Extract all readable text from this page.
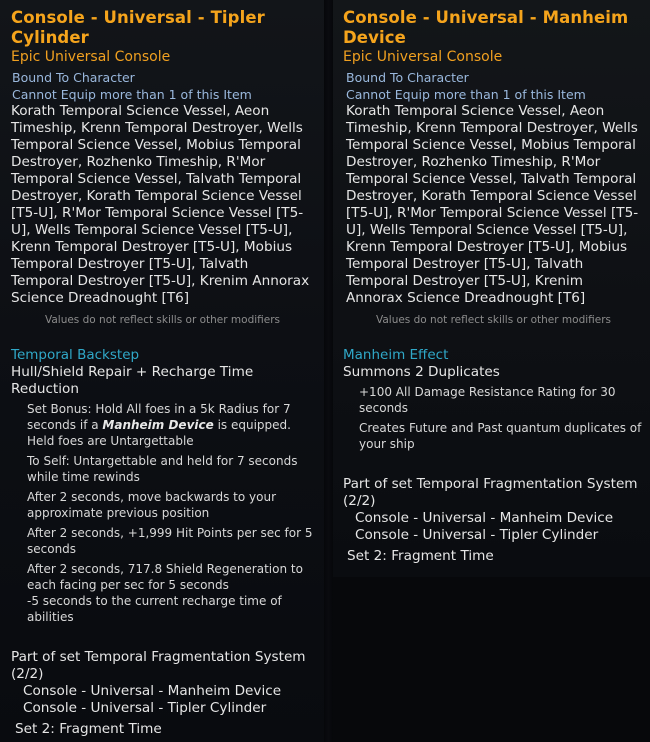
Console - Universal - Tipler Cylinder
Epic Universal Console
Bound To Character
Cannot Equip more than 1 of this Item
Korath Temporal Science Vessel, Aeon Timeship, Krenn Temporal Destroyer, Wells Temporal Science Vessel, Mobius Temporal Destroyer, Rozhenko Timeship, R'Mor Temporal Science Vessel, Talvath Temporal Destroyer, Korath Temporal Science Vessel [T5-U], R'Mor Temporal Science Vessel [T5-U], Wells Temporal Science Vessel [T5-U], Krenn Temporal Destroyer [T5-U], Mobius Temporal Destroyer [T5-U], Talvath Temporal Destroyer [T5-U], Krenim Annorax Science Dreadnought [T6]
Values do not reflect skills or other modifiers
Temporal Backstep
Hull/Shield Repair + Recharge Time Reduction
Set Bonus: Hold All foes in a 5k Radius for 7 seconds if a Manheim Device is equipped. Held foes are Untargettable
To Self: Untargettable and held for 7 seconds while time rewinds
After 2 seconds, move backwards to your approximate previous position
After 2 seconds, +1,999 Hit Points per sec for 5 seconds
After 2 seconds, 717.8 Shield Regeneration to each facing per sec for 5 seconds
-5 seconds to the current recharge time of abilities
Part of set Temporal Fragmentation System (2/2)
Console - Universal - Manheim Device
Console - Universal - Tipler Cylinder
Set 2: Fragment Time
Console - Universal - Manheim Device
Epic Universal Console
Bound To Character
Cannot Equip more than 1 of this Item
Korath Temporal Science Vessel, Aeon Timeship, Krenn Temporal Destroyer, Wells Temporal Science Vessel, Mobius Temporal Destroyer, Rozhenko Timeship, R'Mor Temporal Science Vessel, Talvath Temporal Destroyer, Korath Temporal Science Vessel [T5-U], R'Mor Temporal Science Vessel [T5-U], Wells Temporal Science Vessel [T5-U], Krenn Temporal Destroyer [T5-U], Mobius Temporal Destroyer [T5-U], Talvath Temporal Destroyer [T5-U], Krenim Annorax Science Dreadnought [T6]
Values do not reflect skills or other modifiers
Manheim Effect
Summons 2 Duplicates
+100 All Damage Resistance Rating for 30 seconds
Creates Future and Past quantum duplicates of your ship
Part of set Temporal Fragmentation System (2/2)
Console - Universal - Manheim Device
Console - Universal - Tipler Cylinder
Set 2: Fragment Time
